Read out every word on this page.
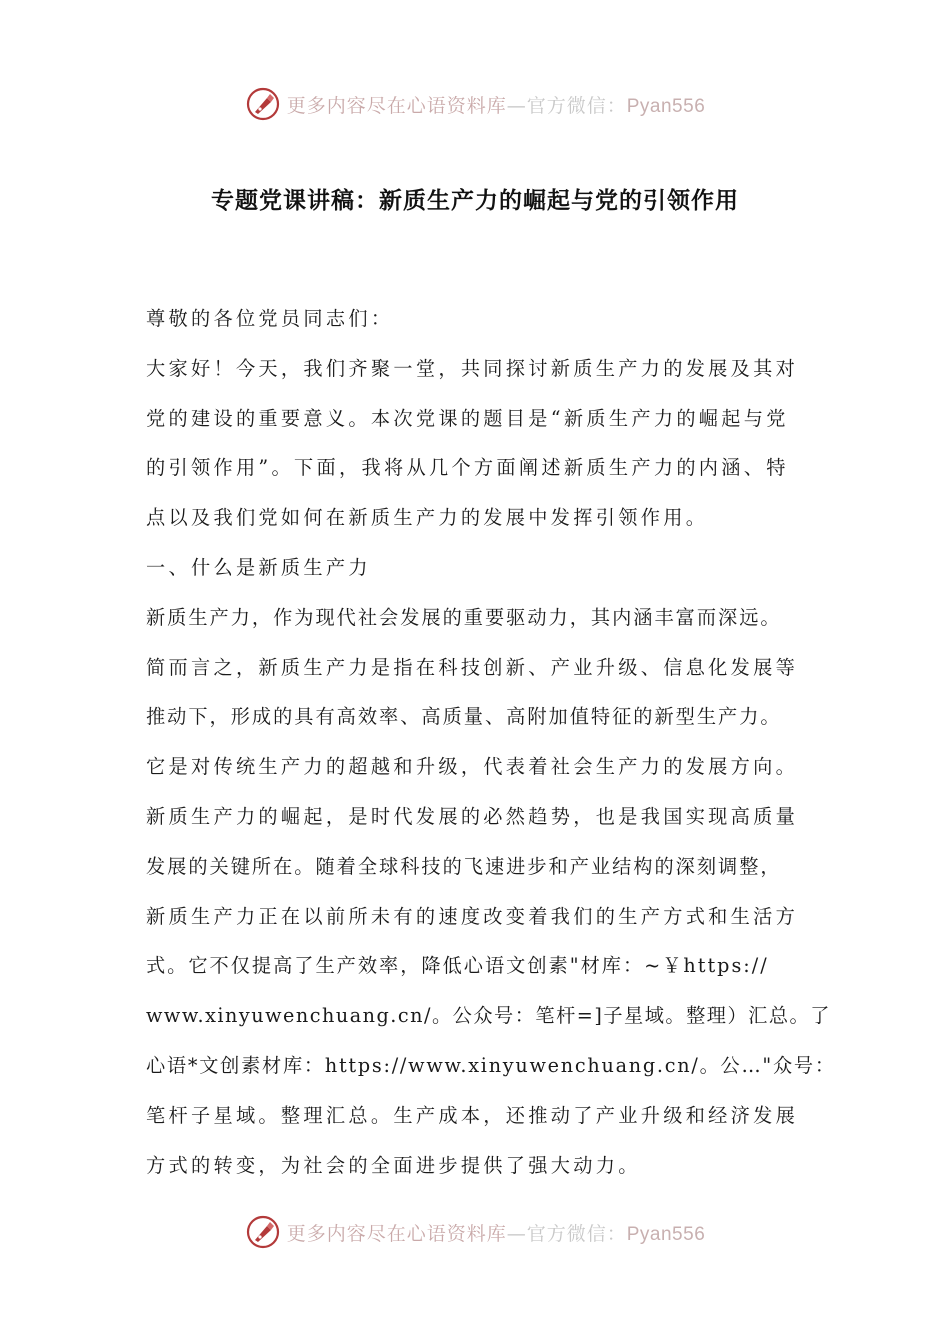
更多内容尽在心语资料库—官方微信：Pyan556
专题党课讲稿：新质生产力的崛起与党的引领作用

尊敬的各位党员同志们：

大家好！今天，我们齐聚一堂，共同探讨新质生产力的发展及其对

党的建设的重要意义。本次党课的题目是“新质生产力的崛起与党

的引领作用”。下面，我将从几个方面阐述新质生产力的内涵、特

点以及我们党如何在新质生产力的发展中发挥引领作用。

一、什么是新质生产力

新质生产力，作为现代社会发展的重要驱动力，其内涵丰富而深远。

简而言之，新质生产力是指在科技创新、产业升级、信息化发展等

推动下，形成的具有高效率、高质量、高附加值特征的新型生产力。

它是对传统生产力的超越和升级，代表着社会生产力的发展方向。

新质生产力的崛起，是时代发展的必然趋势，也是我国实现高质量

发展的关键所在。随着全球科技的飞速进步和产业结构的深刻调整，

新质生产力正在以前所未有的速度改变着我们的生产方式和生活方

式。它不仅提高了生产效率，降低心语文创素"材库：~￥https://

www.xinyuwenchuang.cn/。公众号：笔杆=]子星域。整理）汇总。了

心语*文创素材库：https://www.xinyuwenchuang.cn/。公…"众号：

笔杆子星域。整理汇总。生产成本，还推动了产业升级和经济发展

方式的转变，为社会的全面进步提供了强大动力。

更多内容尽在心语资料库—官方微信：Pyan556
